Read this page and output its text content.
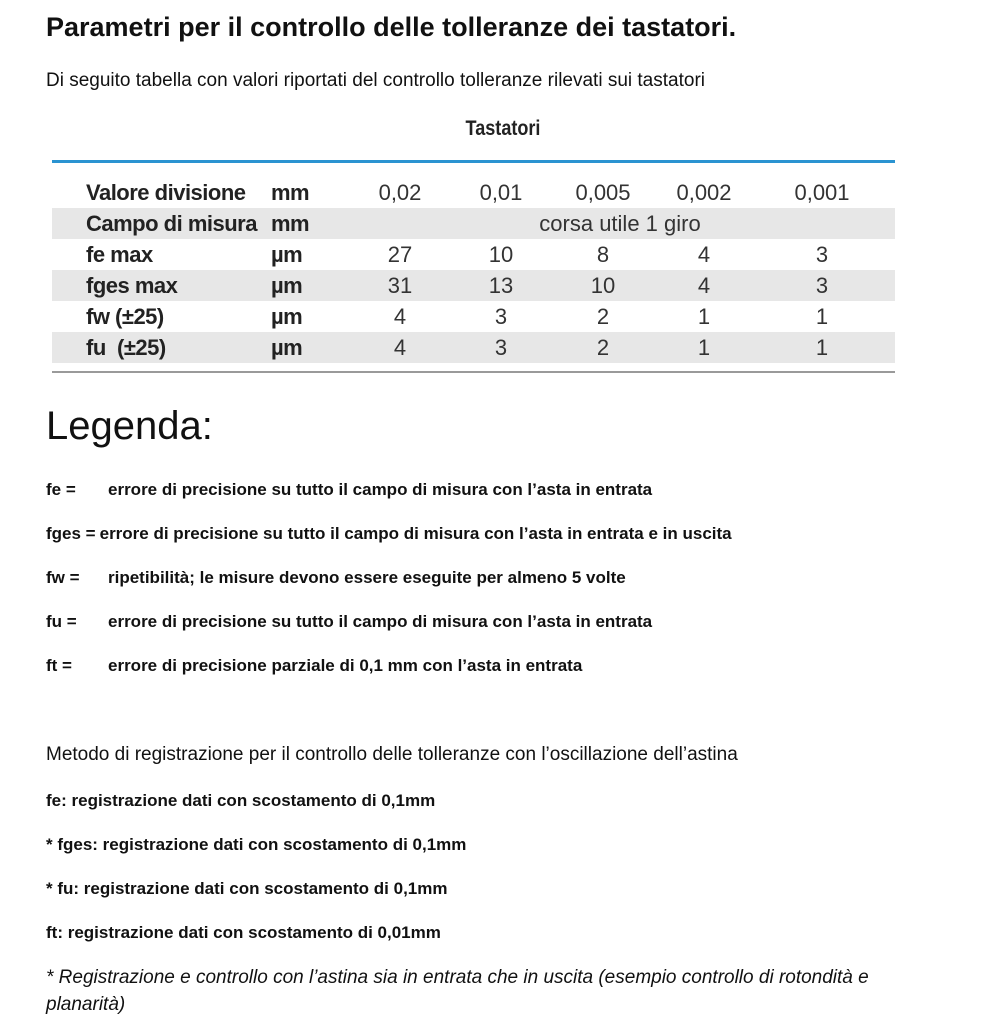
Parametri per il controllo delle tolleranze dei tastatori.
Di seguito tabella con valori riportati del controllo tolleranze rilevati sui tastatori
Tastatori
Valore divisione	mm	0,02	0,01	0,005	0,002	0,001
Campo di misura	mm	corsa utile 1 giro				
fe max	µm	27	10	8	4	3
fges max	µm	31	13	10	4	3
fw (±25)	µm	4	3	2	1	1
fu  (±25)	µm	4	3	2	1	1
Legenda:
fe = errore di precisione su tutto il campo di misura con l’asta in entrata
fges = errore di precisione su tutto il campo di misura con l’asta in entrata e in uscita
fw = ripetibilità; le misure devono essere eseguite per almeno 5 volte
fu = errore di precisione su tutto il campo di misura con l’asta in entrata
ft = errore di precisione parziale di 0,1 mm con l’asta in entrata
Metodo di registrazione per il controllo delle tolleranze con l’oscillazione dell’astina
fe: registrazione dati con scostamento di 0,1mm
* fges: registrazione dati con scostamento di 0,1mm
* fu: registrazione dati con scostamento di 0,1mm
ft: registrazione dati con scostamento di 0,01mm
* Registrazione e controllo con l’astina sia in entrata che in uscita (esempio controllo di rotondità e planarità)
